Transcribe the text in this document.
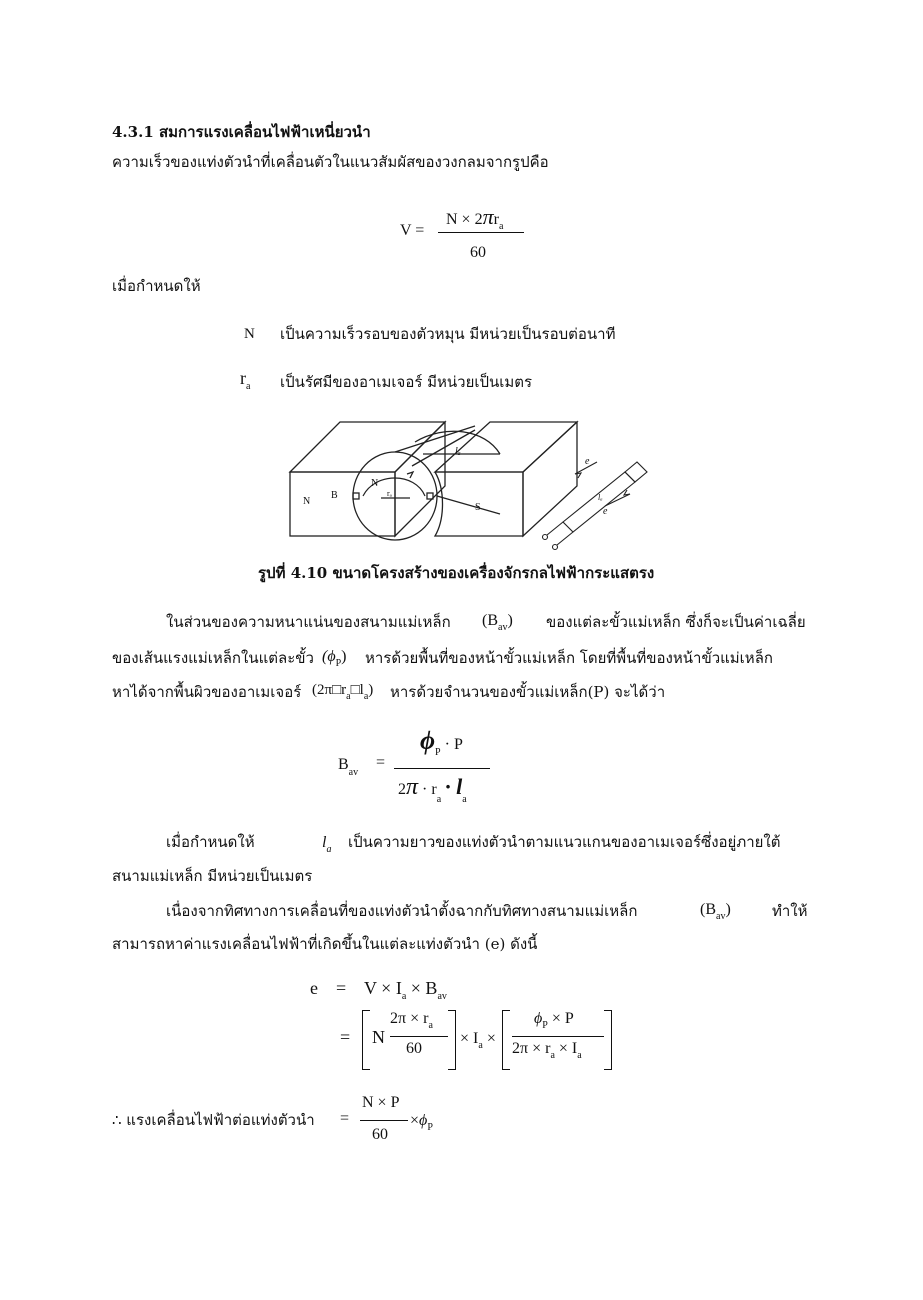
4.3.1 สมการแรงเคลื่อนไฟฟ้าเหนี่ยวนำ
ความเร็วของแท่งตัวนำที่เคลื่อนตัวในแนวสัมผัสของวงกลมจากรูปคือ
V =
$N \times 2\pi r_a$
60
เมื่อกำหนดให้
N เป็นความเร็วรอบของตัวหมุน มีหน่วยเป็นรอบต่อนาที
$r_a$ เป็นรัศมีของอาเมเจอร์ มีหน่วยเป็นเมตร
N
B
N
rₐ
lₐ
S
e
e
lₐ
รูปที่ 4.10 ขนาดโครงสร้างของเครื่องจักรกลไฟฟ้ากระแสตรง
ในส่วนของความหนาแน่นของสนามแม่เหล็ก $(B_{av})$ ของแต่ละขั้วแม่เหล็ก ซึ่งก็จะเป็นค่าเฉลี่ย
ของเส้นแรงแม่เหล็กในแต่ละขั้ว $(\phi_P)$ หารด้วยพื้นที่ของหน้าขั้วแม่เหล็ก โดยที่พื้นที่ของหน้าขั้วแม่เหล็ก
หาได้จากพื้นผิวของอาเมเจอร์ $(2\pi□r_a□l_a)$ หารด้วยจำนวนของขั้วแม่เหล็ก(P) จะได้ว่า
$B_{av}$
=
$\phi_P \cdot P$
$2\pi \cdot r_a \cdot l_a$
เมื่อกำหนดให้	$l_a$ เป็นความยาวของแท่งตัวนำตามแนวแกนของอาเมเจอร์ซึ่งอยู่ภายใต้
สนามแม่เหล็ก มีหน่วยเป็นเมตร
เนื่องจากทิศทางการเคลื่อนที่ของแท่งตัวนำตั้งฉากกับทิศทางสนามแม่เหล็ก	$(B_{av})$	ทำให้
สามารถหาค่าแรงเคลื่อนไฟฟ้าที่เกิดขึ้นในแต่ละแท่งตัวนำ (e) ดังนี้
$e = V \times I_a \times B_{av}$
= N
$2\pi \times r_a$
60
× $I_a$ ×
$\phi_P \times P$
$2\pi \times r_a \times I_a$
∴ แรงเคลื่อนไฟฟ้าต่อแท่งตัวนำ =
N × P
60
$\times\phi_P$
